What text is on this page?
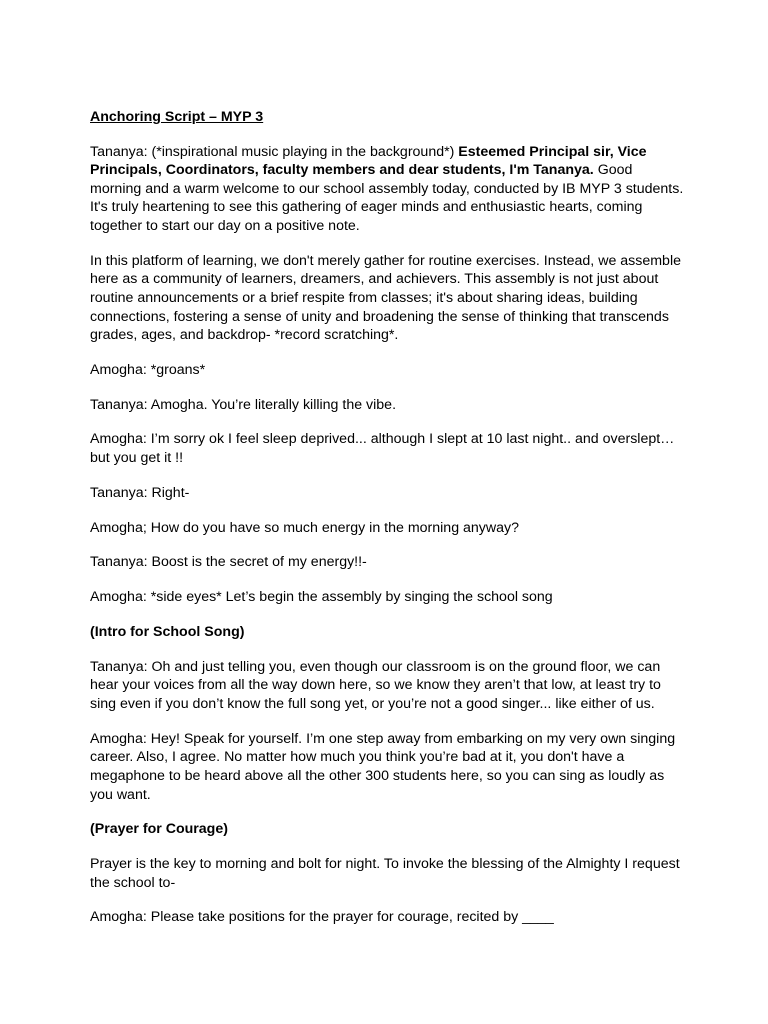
Anchoring Script – MYP 3

Tananya: (*inspirational music playing in the background*) Esteemed Principal sir, Vice Principals, Coordinators, faculty members and dear students, I'm Tananya. Good morning and a warm welcome to our school assembly today, conducted by IB MYP 3 students. It's truly heartening to see this gathering of eager minds and enthusiastic hearts, coming together to start our day on a positive note.

In this platform of learning, we don't merely gather for routine exercises. Instead, we assemble here as a community of learners, dreamers, and achievers. This assembly is not just about routine announcements or a brief respite from classes; it's about sharing ideas, building connections, fostering a sense of unity and broadening the sense of thinking that transcends grades, ages, and backdrop- *record scratching*.

Amogha: *groans*

Tananya: Amogha. You’re literally killing the vibe.

Amogha: I’m sorry ok I feel sleep deprived... although I slept at 10 last night.. and overslept… but you get it !!

Tananya: Right-

Amogha; How do you have so much energy in the morning anyway?

Tananya: Boost is the secret of my energy!!-

Amogha: *side eyes* Let’s begin the assembly by singing the school song

(Intro for School Song)

Tananya: Oh and just telling you, even though our classroom is on the ground floor, we can hear your voices from all the way down here, so we know they aren’t that low, at least try to sing even if you don’t know the full song yet, or you’re not a good singer... like either of us.

Amogha: Hey! Speak for yourself. I’m one step away from embarking on my very own singing career. Also, I agree. No matter how much you think you’re bad at it, you don't have a megaphone to be heard above all the other 300 students here, so you can sing as loudly as you want.

(Prayer for Courage)

Prayer is the key to morning and bolt for night. To invoke the blessing of the Almighty I request the school to-

Amogha: Please take positions for the prayer for courage, recited by ____
